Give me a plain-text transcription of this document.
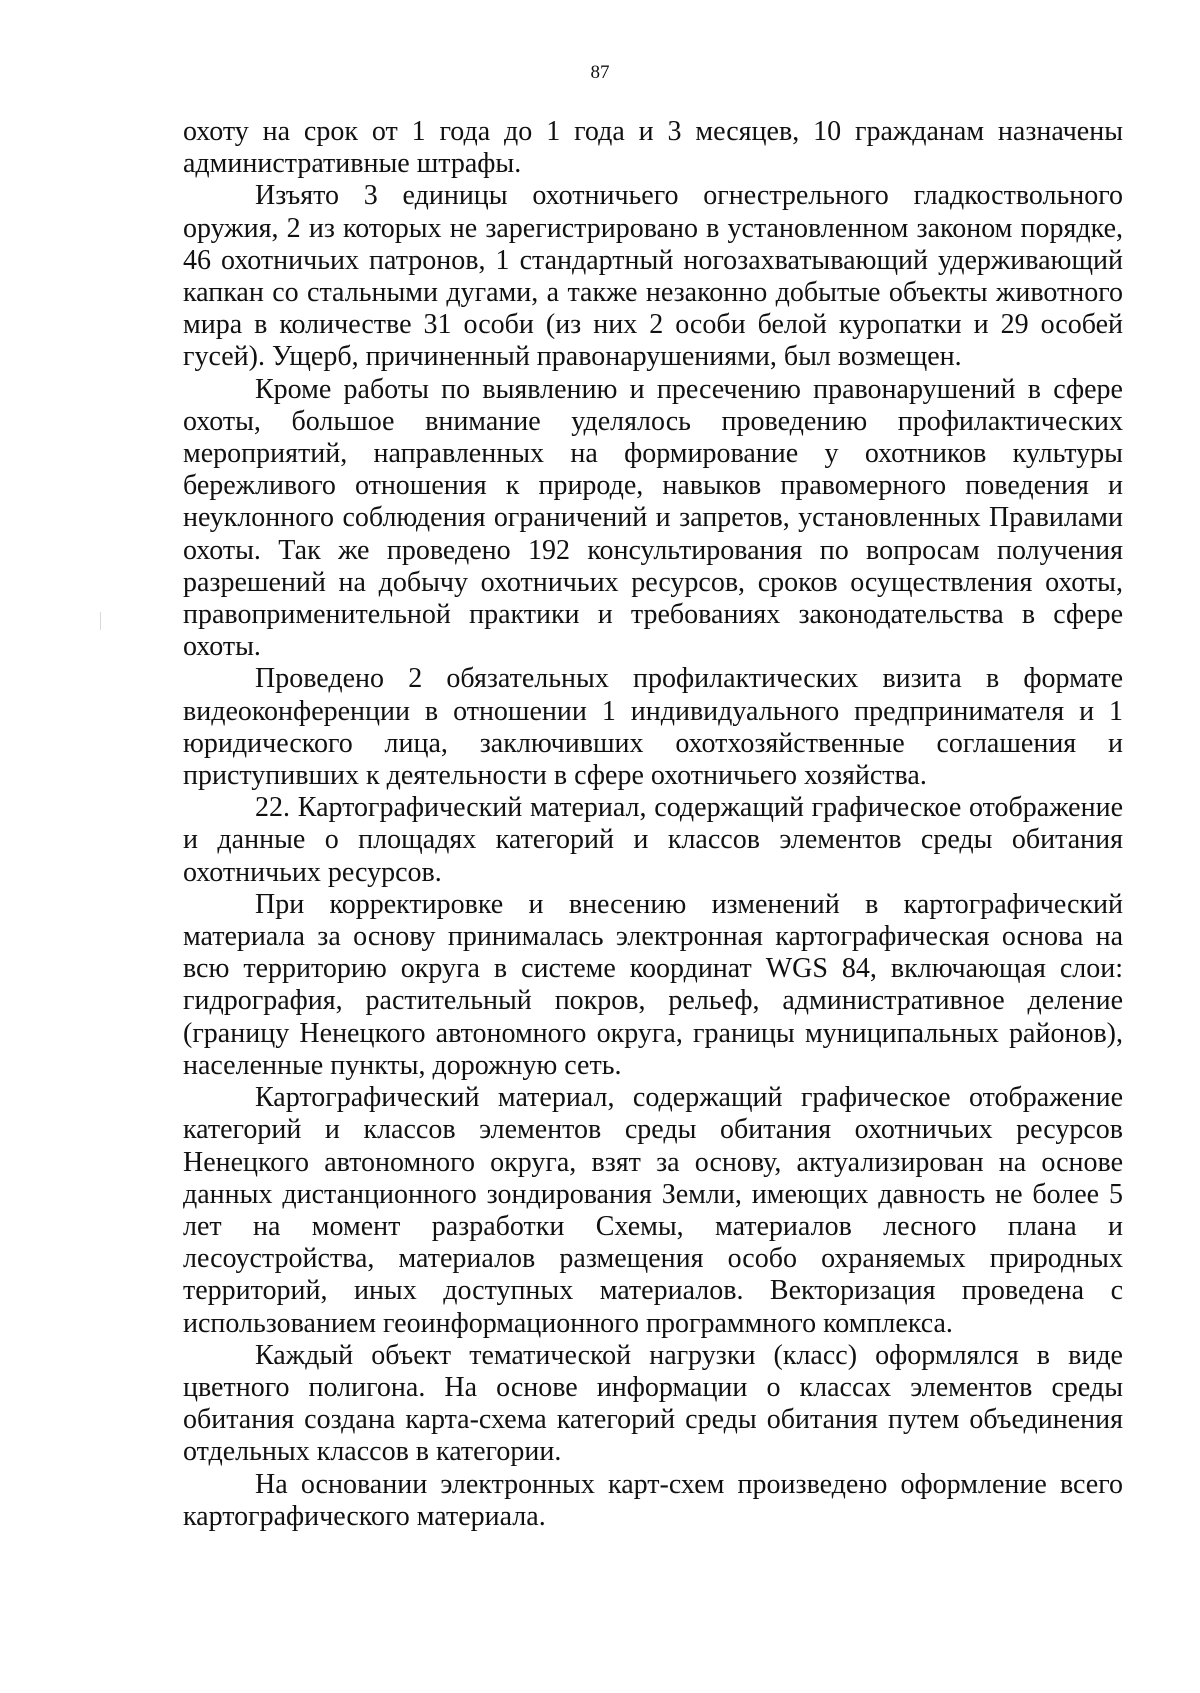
87

охоту на срок от 1 года до 1 года и 3 месяцев, 10 гражданам назначены административные штрафы.

Изъято 3 единицы охотничьего огнестрельного гладкоствольного оружия, 2 из которых не зарегистрировано в установленном законом порядке, 46 охотничьих патронов, 1 стандартный ногозахватывающий удерживающий капкан со стальными дугами, а также незаконно добытые объекты животного мира в количестве 31 особи (из них 2 особи белой куропатки и 29 особей гусей). Ущерб, причиненный правонарушениями, был возмещен.

Кроме работы по выявлению и пресечению правонарушений в сфере охоты, большое внимание уделялось проведению профилактических мероприятий, направленных на формирование у охотников культуры бережливого отношения к природе, навыков правомерного поведения и неуклонного соблюдения ограничений и запретов, установленных Правилами охоты. Так же проведено 192 консультирования по вопросам получения разрешений на добычу охотничьих ресурсов, сроков осуществления охоты, правоприменительной практики и требованиях законодательства в сфере охоты.

Проведено 2 обязательных профилактических визита в формате видеоконференции в отношении 1 индивидуального предпринимателя и 1 юридического лица, заключивших охотхозяйственные соглашения и приступивших к деятельности в сфере охотничьего хозяйства.

22. Картографический материал, содержащий графическое отображение и данные о площадях категорий и классов элементов среды обитания охотничьих ресурсов.

При корректировке и внесению изменений в картографический материала за основу принималась электронная картографическая основа на всю территорию округа в системе координат WGS 84, включающая слои: гидрография, растительный покров, рельеф, административное деление (границу Ненецкого автономного округа, границы муниципальных районов), населенные пункты, дорожную сеть.

Картографический материал, содержащий графическое отображение категорий и классов элементов среды обитания охотничьих ресурсов Ненецкого автономного округа, взят за основу, актуализирован на основе данных дистанционного зондирования Земли, имеющих давность не более 5 лет на момент разработки Схемы, материалов лесного плана и лесоустройства, материалов размещения особо охраняемых природных территорий, иных доступных материалов. Векторизация проведена с использованием геоинформационного программного комплекса.

Каждый объект тематической нагрузки (класс) оформлялся в виде цветного полигона. На основе информации о классах элементов среды обитания создана карта-схема категорий среды обитания путем объединения отдельных классов в категории.

На основании электронных карт-схем произведено оформление всего картографического материала.
